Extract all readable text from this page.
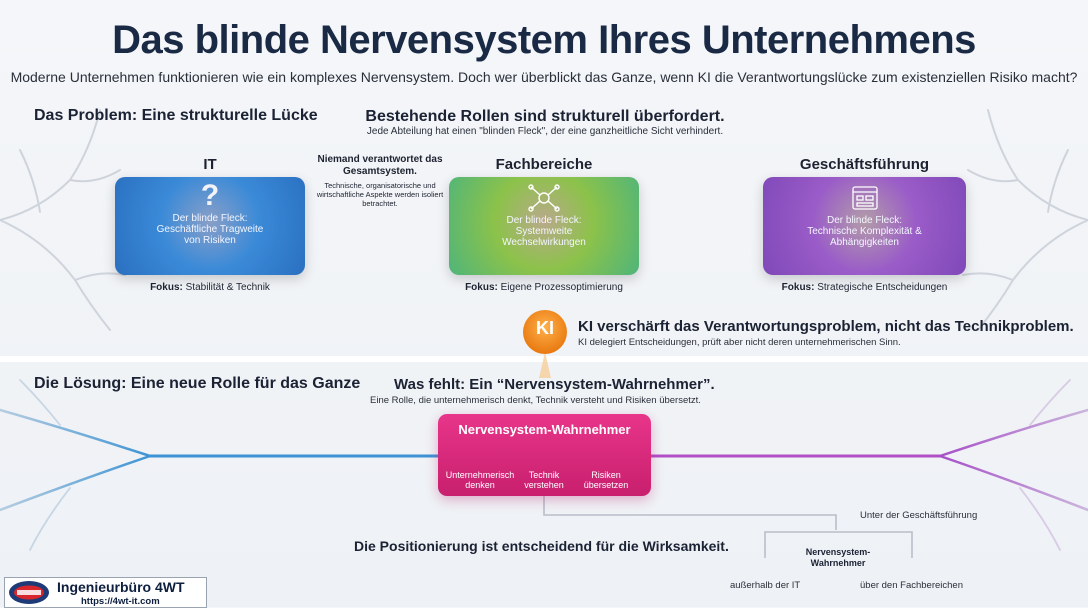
Das blinde Nervensystem Ihres Unternehmens
Moderne Unternehmen funktionieren wie ein komplexes Nervensystem. Doch wer überblickt das Ganze, wenn KI die Verantwortungslücke zum existenziellen Risiko macht?
Das Problem: Eine strukturelle Lücke	Bestehende Rollen sind strukturell überfordert.
Jede Abteilung hat einen "blinden Fleck", der eine ganzheitliche Sicht verhindert.
Niemand verantwortet das Gesamtsystem.
Technische, organisatorische und wirtschaftliche Aspekte werden isoliert betrachtet.
IT
?
Der blinde Fleck:
Geschäftliche Tragweite von Risiken
Fokus: Stabilität & Technik
Fachbereiche
Der blinde Fleck:
Systemweite Wechselwirkungen
Fokus: Eigene Prozessoptimierung
Geschäftsführung
Der blinde Fleck:
Technische Komplexität & Abhängigkeiten
Fokus: Strategische Entscheidungen
KI	KI verschärft das Verantwortungsproblem, nicht das Technikproblem.
KI delegiert Entscheidungen, prüft aber nicht deren unternehmerischen Sinn.
Die Lösung: Eine neue Rolle für das Ganze Was fehlt: Ein “Nervensystem-Wahrnehmer”.
Eine Rolle, die unternehmerisch denkt, Technik versteht und Risiken übersetzt.
Nervensystem-Wahrnehmer
Unternehmerisch denken
Technik verstehen
Risiken übersetzen
Die Positionierung ist entscheidend für die Wirksamkeit.
Unter der Geschäftsführung
Nervensystem-Wahrnehmer
außerhalb der IT	über den Fachbereichen
Ingenieurbüro 4WT
https://4wt-it.com
